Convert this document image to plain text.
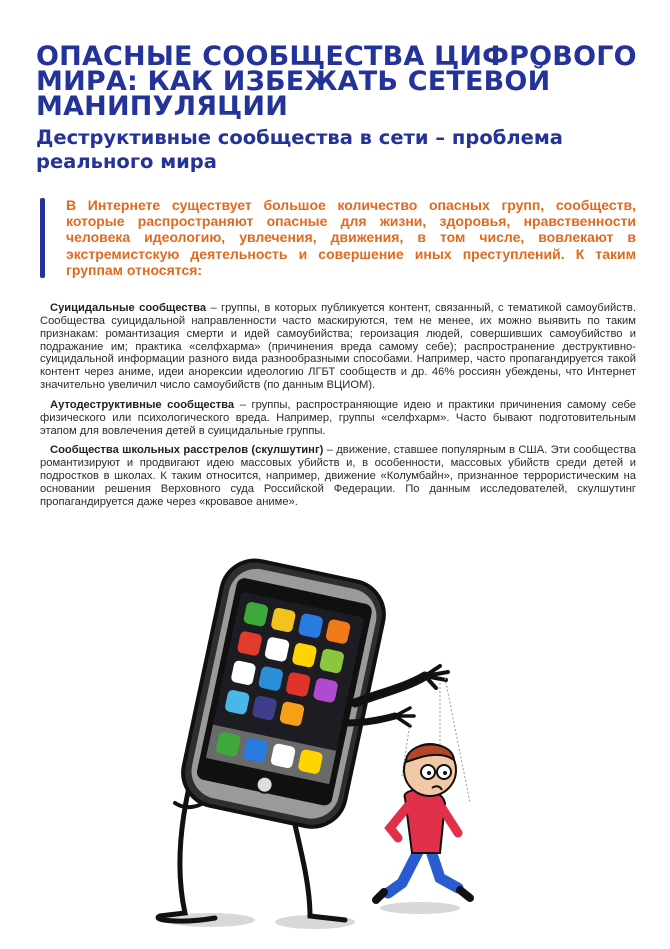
ОПАСНЫЕ СООБЩЕСТВА ЦИФРОВОГО МИРА: КАК ИЗБЕЖАТЬ СЕТЕВОЙ МАНИПУЛЯЦИИ
Деструктивные сообщества в сети – проблема реального мира

В Интернете существует большое количество опасных групп, сообществ, которые распространяют опасные для жизни, здоровья, нравственности человека идеологию, увлечения, движения, в том числе, вовлекают в экстремистскую деятельность и совершение иных преступлений. К таким группам относятся:

Суицидальные сообщества – группы, в которых публикуется контент, связанный, с тематикой самоубийств. Сообщества суицидальной направленности часто маскируются, тем не менее, их можно выявить по таким признакам: романтизация смерти и идей самоубийства; героизация людей, совершивших самоубийство и подражание им; практика «селфхарма» (причинения вреда самому себе); распространение деструктивно-суицидальной информации разного вида разнообразными способами. Например, часто пропагандируется такой контент через аниме, идеи анорексии идеологию ЛГБТ сообществ и др. 46% россиян убеждены, что Интернет значительно увеличил число самоубийств (по данным ВЦИОМ).

Аутодеструктивные сообщества – группы, распространяющие идею и практики причинения самому себе физического или психологического вреда. Например, группы «селфхарм». Часто бывают подготовительным этапом для вовлечения детей в суицидальные группы.

Сообщества школьных расстрелов (скулшутинг) – движение, ставшее популярным в США. Эти сообщества романтизируют и продвигают идею массовых убийств и, в особенности, массовых убийств среди детей и подростков в школах. К таким относится, например, движение «Колумбайн», признанное террористическим на основании решения Верховного суда Российской Федерации. По данным исследователей, скулшутинг пропагандируется даже через «кровавое аниме».
